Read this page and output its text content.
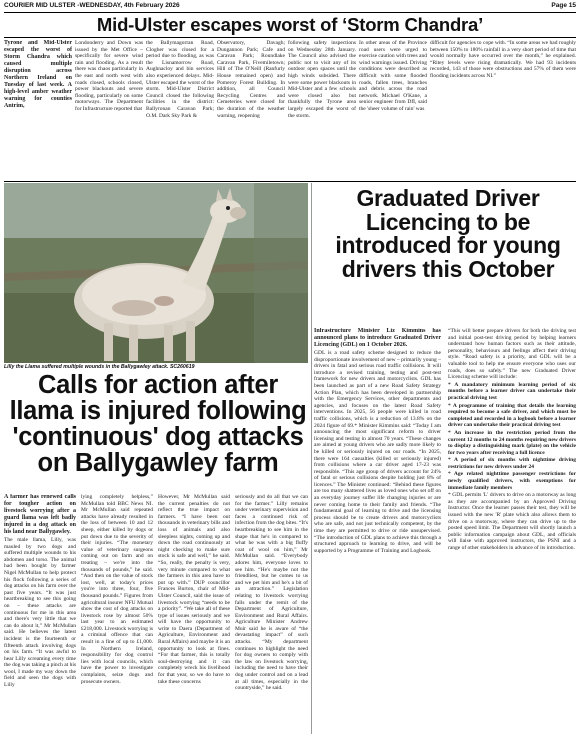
COURIER MID ULSTER -WEDNESDAY, 4th February 2026	Page 15
Mid-Ulster escapes worst of ‘Storm Chandra’

Tyrone and Mid-Ulster escaped the worst of Storm Chandra which caused multiple disruption across Northern Ireland on Tuesday of last week. A high-level amber weather warning for counties Antrim,

Londonderry and Down was issued by the Met Office – specifically for severe wind rain and flooding. As a result there was chaos particularly in the east and north west with roads closed, schools closed, power blackouts and severe flooding, particularly on some motorways. The Department for Infrastructure reported that

the Ballymagorran Road, Clogher was closed for a period due to flooding, as was the Lisnamorrow Road, Aughnacloy and bin services also experienced delays. Mid-Ulster escaped the worst of the storm. Mid-Ulster District Council closed the following facilities in the district: Ballyronan Caravan Park; O.M. Dark Sky Park &

Observatory, Davagh; Dungannon Park; Cafe and Caravan Park; Roundlake Caravan Park, Fivemiletown; Hill of The O'Neill (Ranfurly House remained open) and Pomeroy Forest Building. In addition, all Council Recycling Centres and Cemeteries were closed for the duration of the weather warning, reopening

following safety inspections on Wednesday 28th January. The Council also advised the public not to visit any of its outdoor open spaces until the high winds subsided. There were some power blackouts in Mid-Ulster and a few schools were closed also but thankfully the Tyrone area largely escaped the worst of the storm.

In other areas of the Province road users were urged to exercise caution with trees and wind warnings issued. Driving conditions were described as difficult with some flooded roads, fallen trees, branches and debris across the road network. Michael O'Kane, a senior engineer from DfI, said the 'sheer volume of rain' was

difficult for agencies to cope with. “In some areas we had roughly between 150% to 180% rainfall in a very short period of time that would normally have occurred over the month,” he explained. “Ritey levels were rising dramatically. We had 93 incidents recorded, 143 of those were obstructions and 57% of them were flooding incidents across NI.”

Lilly the Llama suffered multiple wounds in the Ballygawley attack. SC260619
Calls for action after llama is injured following 'continuous' dog attacks on Ballygawley farm

A farmer has renewed calls for tougher action on livestock worrying after a guard llama was left badly injured in a dog attack on his land near Ballygawley.

The male llama, Lilly, was mauled by two dogs and suffered multiple wounds to his abdomen and torso. The animal had been bought by farmer Nigel McMullan to help protect his flock following a series of dog attacks on his farm over the past five years. “It was just heartbreaking to see this going on – these attacks are continuous for me in this area and there's very little that we can do about it,” Mr McMullan said. He believes the latest incident is the fourteenth or fifteenth attack involving dogs on his farm. “It was awful to hear Lilly screaming every time the dog was taking a pinch at his wool, I made my way down the field and seen the dogs with Lilly

lying completely helpless,” McMullan told BBC News NI. Mr McMullan said repeated attacks have already resulted in the loss of between 10 and 12 sheep, either killed by dogs or put down due to the severity of their injuries. “The monetary value of veterinary surgeons coming out on farm and on treating – we're into the thousands of pounds,” he said. “And then on the value of stock lost, well, at today's prices you're into three, four, five thousand pounds.” Figures from agricultural insurer NFU Mutual show the cost of dog attacks on livestock rose by almost 50% last year to an estimated £218,000. Livestock worrying is a criminal offence that can result in a fine of up to £1,000. In Northern Ireland, responsibility for dog control lies with local councils, which have the power to investigate complaints, seize dogs and prosecute owners.

However, Mr McMullan said the current penalties do not reflect the true impact on farmers. “I have been out thousands in veterinary bills and loss of animals and also sleepless nights, coming up and down the road continuously at night checking to make sure stock is safe and well,” he said. “So, really, the penalty is very, very minute compared to what the farmers in this area have to put up with.” DUP councillor Frances Burton, chair of Mid-Ulster Council, said the issue of livestock worrying “needs to be a priority”. “We take all of these type of issues seriously and we will have the opportunity to write to Daera (Department of Agriculture, Environment and Rural Affairs) and maybe it is an opportunity to look at fines. “For that farmer, this is totally soul-destroying and it can completely wreck his livelihood for that year, so we do have to take these concerns

seriously and do all that we can for the farmer.” Lilly remains under veterinary supervision and faces a continued risk of infection from the dog bites. “It's heartbreaking to see him in the shape that he's in compared to what he was with a big fluffy coat of wool on him,” Mr McMullan said. “Everybody adores him, everyone loves to see him. “He's maybe not the friendliest, but he comes to us and we pet him and he's a bit of an attraction.” Legislation relating to livestock worrying falls under the remit of the Department of Agriculture, Environment and Rural Affairs. Agriculture Minister Andrew Muir said he is aware of “the devastating impact” of such attacks. “My department continues to highlight the need for dog owners to comply with the law on livestock worrying, including the need to have their dog under control and on a lead at all times, especially in the countryside,” he said.

Graduated Driver Licencing to be introduced for young drivers this October

Infrastructure Minister Liz Kimmins has announced plans to introduce Graduated Driver Licencing (GDL) on 1 October 2026.

GDL is a road safety scheme designed to reduce the disproportionate involvement of new – primarily young – drivers in fatal and serious road traffic collisions. It will introduce a revised training, testing and post-test framework for new drivers and motorcyclists. GDL has been launched as part of a new Road Safety Strategy Action Plan, which has been developed in partnership with the Emergency Services, other departments and agencies, and focuses on the latest Road Safety interventions. In 2025, 56 people were killed in road traffic collisions, which is a reduction of 13.8% on the 2024 figure of 69.* Minister Kimmins said: “Today I am announcing the most significant reform to driver licensing and testing in almost 70 years. “These changes are aimed at young drivers who are sadly more likely to be killed or seriously injured on our roads. “In 2025, there were 164 casualties (killed or seriously injured) from collisions where a car driver aged 17-23 was responsible. “This age group of drivers account for 24% of fatal or serious collisions despite holding just 8% of licences.” The Minister continued: “Behind these figures are too many shattered lives as loved ones who set off on an everyday journey suffer life changing injuries or are never coming home to their family and friends. “The fundamental goal of learning to drive and the licensing process should be to create drivers and motorcyclists who are safe, and not just technically competent, by the time they are permitted to drive or ride unsupervised. “The introduction of GDL plans to achieve this through a structured approach to learning to drive, and will be supported by a Programme of Training and Logbook.

“This will better prepare drivers for both the driving test and initial post-test driving period by helping learners understand how human factors such as their attitude, personality, behaviours and feelings affect their driving style. “Road safety is a priority, and GDL will be a valuable tool to help me ensure everyone who uses our roads, does so safely.” The new Graduated Driver Licencing scheme will include:

* A mandatory minimum learning period of six months before a learner driver can undertake their practical driving test

* A programme of training that details the learning required to become a safe driver, and which must be completed and recorded in a logbook before a learner driver can undertake their practical driving test

* An increase in the restriction period from the current 12 months to 24 months requiring new drivers to display a distinguishing mark (plate) on the vehicle for two years after receiving a full licence

* A period of six months with nighttime driving restrictions for new drivers under 24

* Age related nighttime passenger restrictions for newly qualified drivers, with exemptions for immediate family members

* GDL permits 'L' drivers to drive on a motorway as long as they are accompanied by an Approved Driving Instructor. Once the learner passes their test, they will be issued with the new 'R' plate which also allows them to drive on a motorway, where they can drive up to the posted speed limit. The Department will shortly launch a public information campaign about GDL, and officials will liaise with approved instructors, the PSNI and a range of other stakeholders in advance of its introduction.
